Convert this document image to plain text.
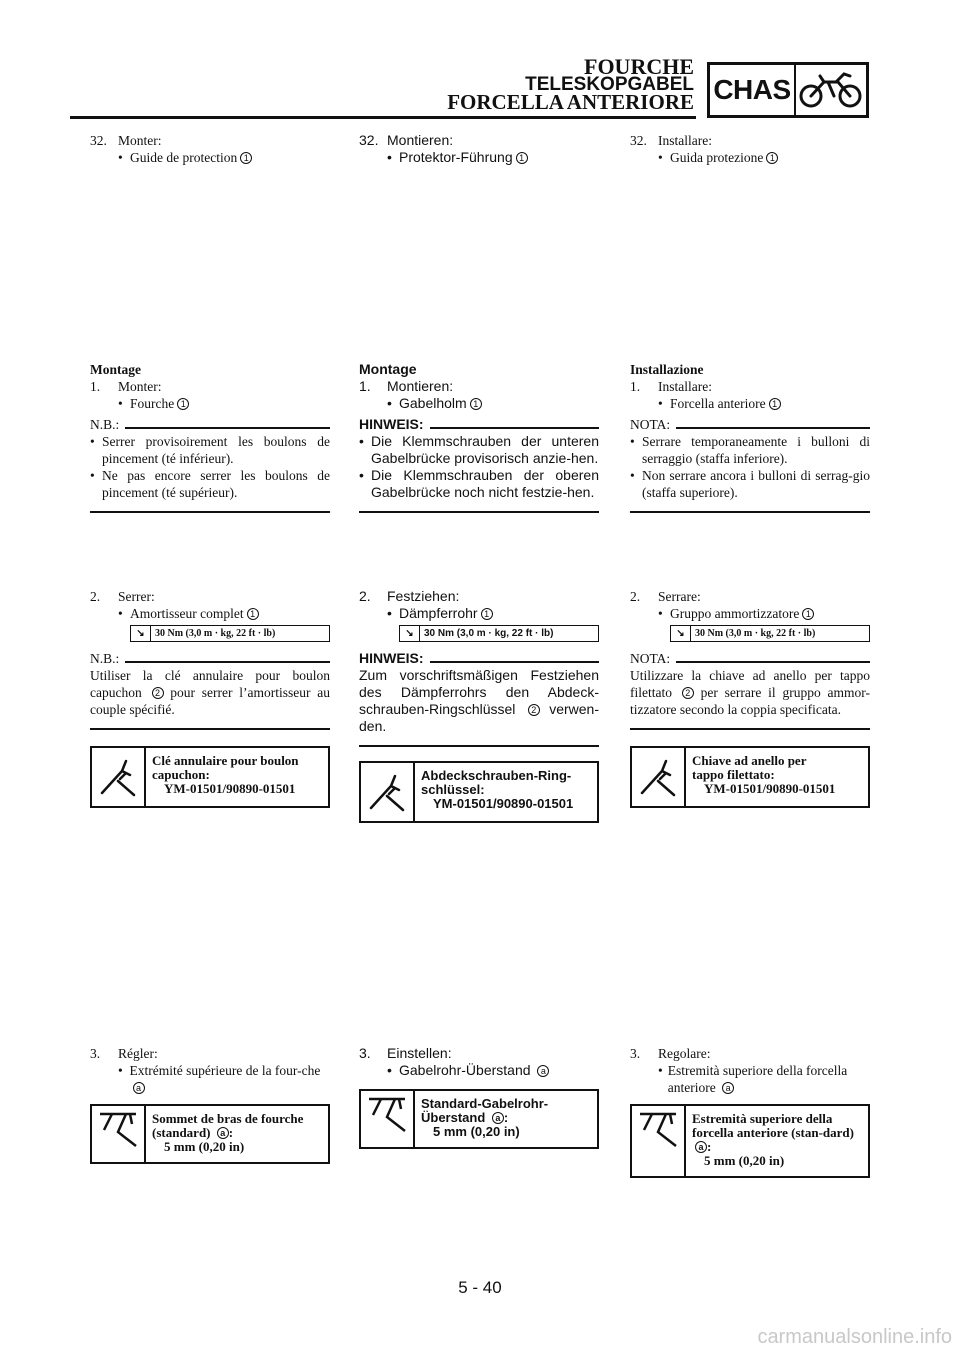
FOURCHE
TELESKOPGABEL
FORCELLA ANTERIORE CHAS
32. Monter:
• Guide de protection 1
Montage
1.	Monter:
• Fourche 1
N.B.:
• Serrer provisoirement les boulons de pincement (té inférieur).
• Ne pas encore serrer les boulons de pincement (té supérieur).
2.	Serrer:
• Amortisseur complet 1
↘	30 Nm (3,0 m · kg, 22 ft · lb)
N.B.:
Utiliser la clé annulaire pour boulon capuchon 2 pour serrer l’amortisseur au couple spécifié.
Clé annulaire pour boulon
capuchon:
YM-01501/90890-01501
3.	Régler:
• Extrémité supérieure de la four-che a
Sommet de bras de fourche
(standard) a :
5 mm (0,20 in)
32. Montieren:
• Protektor-Führung 1
Montage
1.	Montieren:
• Gabelholm 1
HINWEIS:
• Die Klemmschrauben der unteren Gabelbrücke provisorisch anzie-hen.
• Die Klemmschrauben der oberen Gabelbrücke noch nicht festzie-hen.
2.	Festziehen:
• Dämpferrohr 1
↘	30 Nm (3,0 m · kg, 22 ft · lb)
HINWEIS:
Zum vorschriftsmäßigen Festziehen des Dämpferrohrs den Abdeck-schrauben-Ringschlüssel 2 verwen-den.
Abdeckschrauben-Ring-
schlüssel:
YM-01501/90890-01501
3.	Einstellen:
• Gabelrohr-Überstand a
Standard-Gabelrohr-
Überstand a :
5 mm (0,20 in)
32. Installare:
• Guida protezione 1
Installazione
1.	Installare:
• Forcella anteriore 1
NOTA:
• Serrare temporaneamente i bulloni di serraggio (staffa inferiore).
• Non serrare ancora i bulloni di serrag-gio (staffa superiore).
2.	Serrare:
• Gruppo ammortizzatore 1
↘	30 Nm (3,0 m · kg, 22 ft · lb)
NOTA:
Utilizzare la chiave ad anello per tappo filettato 2 per serrare il gruppo ammor-tizzatore secondo la coppia specificata.
Chiave ad anello per
tappo filettato:
YM-01501/90890-01501
3.	Regolare:
• Estremità superiore della forcella anteriore a
Estremità superiore della
forcella anteriore (stan-dard) a :
5 mm (0,20 in)
5 - 40
carmanualsonline.info
